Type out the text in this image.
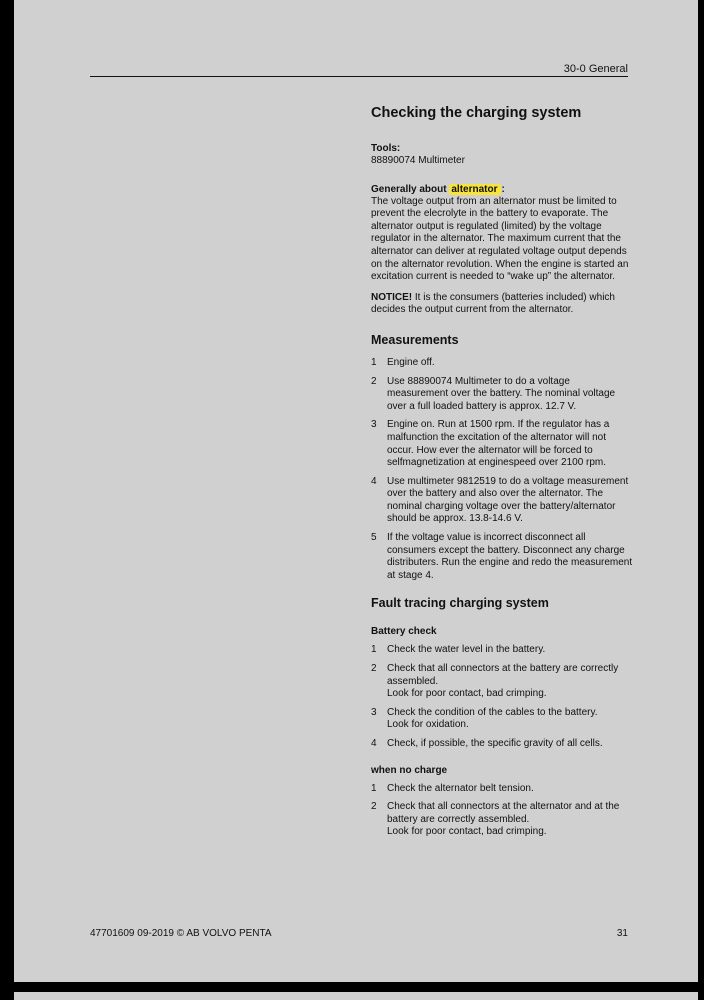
30-0 General
Checking the charging system
Tools:

88890074 Multimeter

Generally about alternator :

The voltage output from an alternator must be limited to prevent the elecrolyte in the battery to evaporate. The alternator output is regulated (limited) by the voltage regulator in the alternator. The maximum current that the alternator can deliver at regulated voltage output depends on the alternator revolution. When the engine is started an excitation current is needed to “wake up” the alternator.

NOTICE! It is the consumers (batteries included) which decides the output current from the alternator.

Measurements
1 Engine off.
2 Use 88890074 Multimeter to do a voltage measurement over the battery. The nominal voltage over a full loaded battery is approx. 12.7 V.
3 Engine on. Run at 1500 rpm. If the regulator has a malfunction the excitation of the alternator will not occur. How ever the alternator will be forced to selfmagnetization at enginespeed over 2100 rpm.
4 Use multimeter 9812519 to do a voltage measurement over the battery and also over the alternator. The nominal charging voltage over the battery/alternator should be approx. 13.8-14.6 V.
5 If the voltage value is incorrect disconnect all consumers except the battery. Disconnect any charge distributers. Run the engine and redo the measurement at stage 4.
Fault tracing charging system
Battery check
1 Check the water level in the battery.
2 Check that all connectors at the battery are correctly assembled.
Look for poor contact, bad crimping.
3 Check the condition of the cables to the battery.
Look for oxidation.
4 Check, if possible, the specific gravity of all cells.
when no charge
1 Check the alternator belt tension.
2 Check that all connectors at the alternator and at the battery are correctly assembled.
Look for poor contact, bad crimping.
47701609 09-2019 © AB VOLVO PENTA	31
